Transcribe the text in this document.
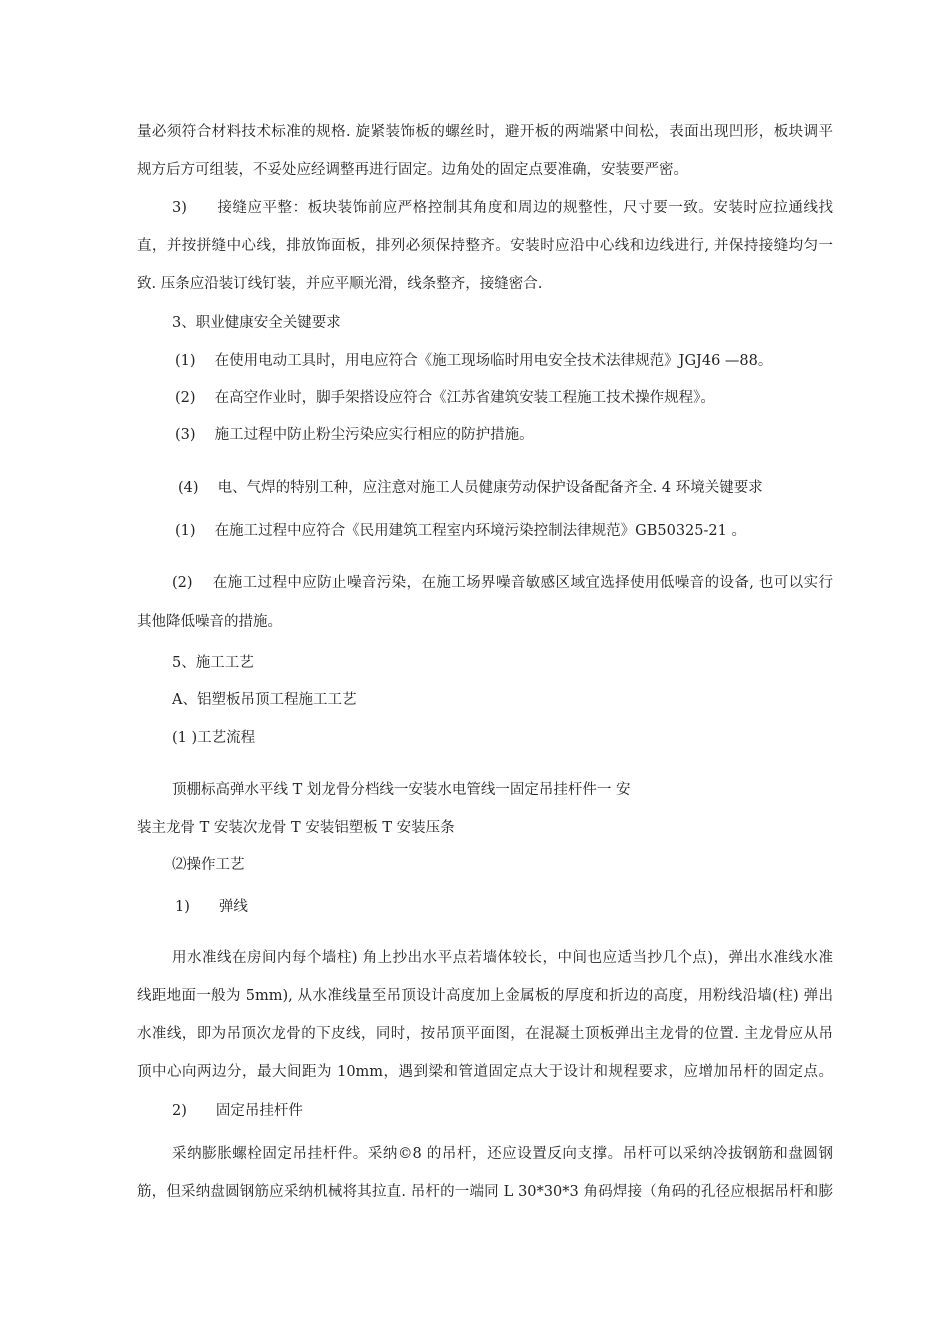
量必须符合材料技术标准的规格. 旋紧装饰板的螺丝时，避开板的两端紧中间松，表面出现凹形，板块调平
规方后方可组装，不妥处应经调整再进行固定。边角处的固定点要准确，安装要严密。
3)　　接缝应平整：板块装饰前应严格控制其角度和周边的规整性，尺寸要一致。安装时应拉通线找
直，并按拼缝中心线，排放饰面板，排列必须保持整齐。安装时应沿中心线和边线进行, 并保持接缝均匀一
致. 压条应沿装订线钉装，并应平顺光滑，线条整齐，接缝密合.
3、职业健康安全关键要求
(1)　 在使用电动工具时，用电应符合《施工现场临时用电安全技术法律规范》JGJ46 —88。
(2)　 在高空作业时，脚手架搭设应符合《江苏省建筑安装工程施工技术操作规程》。
(3)　 施工过程中防止粉尘污染应实行相应的防护措施。
(4)　 电、气焊的特别工种，应注意对施工人员健康劳动保护设备配备齐全. 4 环境关键要求
(1)　 在施工过程中应符合《民用建筑工程室内环境污染控制法律规范》GB50325-21 。
(2)　 在施工过程中应防止噪音污染，在施工场界噪音敏感区域宜选择使用低噪音的设备, 也可以实行
其他降低噪音的措施。
5、施工工艺
A、铝塑板吊顶工程施工工艺
(1 )工艺流程
顶棚标高弹水平线 T 划龙骨分档线一安装水电管线一固定吊挂杆件一 安
装主龙骨 T 安装次龙骨 T 安装铝塑板 T 安装压条
⑵操作工艺
1)　　弹线
用水准线在房间内每个墙柱) 角上抄出水平点若墙体较长，中间也应适当抄几个点)，弹出水准线水准
线距地面一般为 5mm), 从水准线量至吊顶设计高度加上金属板的厚度和折边的高度，用粉线沿墙(柱) 弹出
水准线，即为吊顶次龙骨的下皮线，同时，按吊顶平面图，在混凝土顶板弹出主龙骨的位置. 主龙骨应从吊
顶中心向两边分，最大间距为 10mm，遇到梁和管道固定点大于设计和规程要求，应增加吊杆的固定点。
2)　　固定吊挂杆件
采纳膨胀螺栓固定吊挂杆件。采纳©8 的吊杆，还应设置反向支撑。吊杆可以采纳冷拔钢筋和盘圆钢
筋，但采纳盘圆钢筋应采纳机械将其拉直. 吊杆的一端同 L 30*30*3 角码焊接（角码的孔径应根据吊杆和膨
